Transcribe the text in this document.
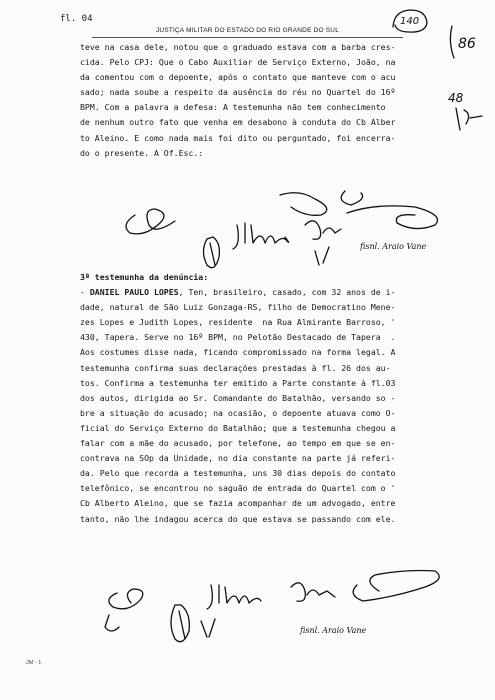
fl. 04
JUSTIÇA MILITAR DO ESTADO DO RIO GRANDE DO SUL
140
86
48
teve na casa dele, notou que o graduado estava com a barba cres-
cida. Pelo CPJ: Que o Cabo Auxiliar de Serviço Externo, João, na
da comentou com o depoente, após o contato que manteve com o acu
sado; nada soube a respeito da ausência do réu no Quartel do 16º
BPM. Com a palavra a defesa: A testemunha não tem conhecimento
de nenhum outro fato que venha em desabono à conduta do Cb Alber
to Aleino. E como nada mais foi dito ou perguntado, foi encerra-
do o presente. A Of.Esc.:
fisnl. Araio Vane
3ª testemunha da denúncia:
- DANIEL PAULO LOPES, Ten, brasileiro, casado, com 32 anos de i-
dade, natural de São Luiz Gonzaga-RS, filho de Democratino Mene-
zes Lopes e Judith Lopes, residente  na Rua Almirante Barroso, '
430, Tapera. Serve no 16º BPM, no Pelotão Destacado de Tapera  .
Aos costumes disse nada, ficando compromissado na forma legal. A
testemunha confirma suas declarações prestadas à fl. 26 dos au-
tos. Confirma a testemunha ter emitido a Parte constante à fl.03
dos autos, dirigida ao Sr. Comandante do Batalhão, versando so -
bre a situação do acusado; na ocasião, o depoente atuava como O-
ficial do Serviço Externo do Batalhão; que a testemunha chegou a
falar com a mãe do acusado, por telefone, ao tempo em que se en-
contrava na SOp da Unidade, no dia constante na parte já referi-
da. Pelo que recorda a testemunha, uns 30 dias depois do contato
telefônico, se encontrou no saguão de entrada do Quartel com o '
Cb Alberto Aleino, que se fazia acompanhar de um advogado, entre
tanto, não lhe indagou acerca do que estava se passando com ele.
fisnl. Araio Vane
JM - 1
